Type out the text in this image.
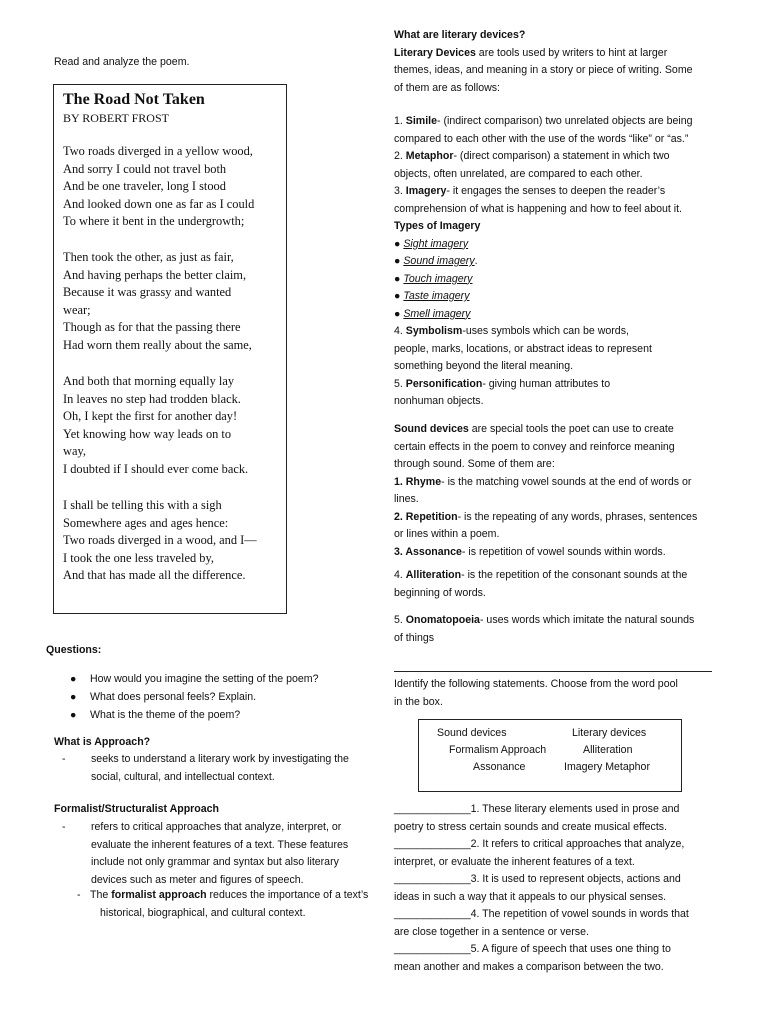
Read and analyze the poem.
The Road Not Taken
BY ROBERT FROST
Two roads diverged in a yellow wood,
And sorry I could not travel both
And be one traveler, long I stood
And looked down one as far as I could
To where it bent in the undergrowth;
Then took the other, as just as fair,
And having perhaps the better claim,
Because it was grassy and wanted
wear;
Though as for that the passing there
Had worn them really about the same,
And both that morning equally lay
In leaves no step had trodden black.
Oh, I kept the first for another day!
Yet knowing how way leads on to
way,
I doubted if I should ever come back.
I shall be telling this with a sigh
Somewhere ages and ages hence:
Two roads diverged in a wood, and I—
I took the one less traveled by,
And that has made all the difference.
Questions:
● How would you imagine the setting of the poem?
● What does personal feels? Explain.
● What is the theme of the poem?
What is Approach?
- seeks to understand a literary work by investigating the
social, cultural, and intellectual context.
Formalist/Structuralist Approach
- refers to critical approaches that analyze, interpret, or
evaluate the inherent features of a text. These features
include not only grammar and syntax but also literary
devices such as meter and figures of speech.
- The formalist approach reduces the importance of a text’s
historical, biographical, and cultural context.
What are literary devices?
Literary Devices are tools used by writers to hint at larger
themes, ideas, and meaning in a story or piece of writing. Some
of them are as follows:
1. Simile- (indirect comparison) two unrelated objects are being
compared to each other with the use of the words “like” or “as.”
2. Metaphor- (direct comparison) a statement in which two
objects, often unrelated, are compared to each other.
3. Imagery- it engages the senses to deepen the reader’s
comprehension of what is happening and how to feel about it.
Types of Imagery
● Sight imagery
● Sound imagery.
● Touch imagery
● Taste imagery
● Smell imagery
4. Symbolism-uses symbols which can be words,
people, marks, locations, or abstract ideas to represent
something beyond the literal meaning.
5. Personification- giving human attributes to
nonhuman objects.
Sound devices are special tools the poet can use to create
certain effects in the poem to convey and reinforce meaning
through sound. Some of them are:
1. Rhyme- is the matching vowel sounds at the end of words or
lines.
2. Repetition- is the repeating of any words, phrases, sentences
or lines within a poem.
3. Assonance- is repetition of vowel sounds within words.
4. Alliteration- is the repetition of the consonant sounds at the
beginning of words.
5. Onomatopoeia- uses words which imitate the natural sounds
of things
Identify the following statements. Choose from the word pool
in the box.
Sound devices	Literary devices
Formalism Approach	Alliteration
Assonance	Imagery Metaphor
_____________1. These literary elements used in prose and
poetry to stress certain sounds and create musical effects.
_____________2. It refers to critical approaches that analyze,
interpret, or evaluate the inherent features of a text.
_____________3. It is used to represent objects, actions and
ideas in such a way that it appeals to our physical senses.
_____________4. The repetition of vowel sounds in words that
are close together in a sentence or verse.
_____________5. A figure of speech that uses one thing to
mean another and makes a comparison between the two.
